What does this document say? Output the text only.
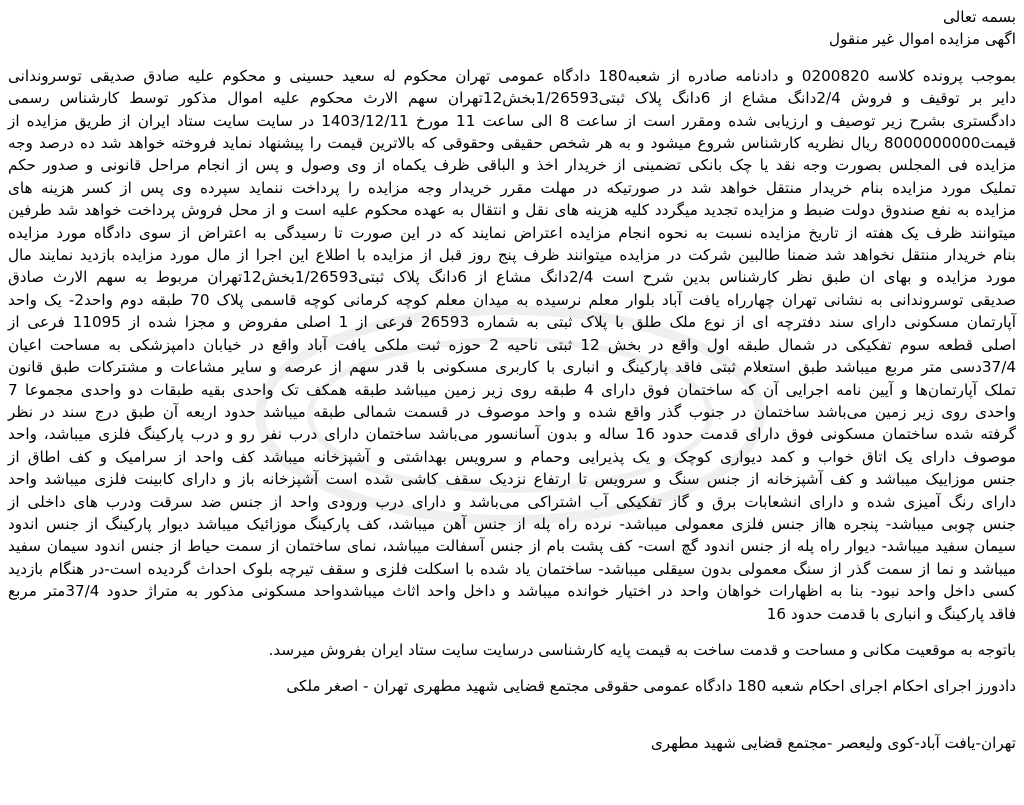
بسمه تعالی
اگهی مزایده اموال غیر منقول
بموجب پرونده کلاسه 0200820 و دادنامه صادره از شعبه180 دادگاه عمومی تهران محکوم له سعید حسینی و محکوم علیه صادق صدیقی توسروندانی
دایر بر توقیف و فروش 2/4دانگ مشاع از 6دانگ پلاک ثبتی1/26593بخش12تهران سهم الارث محکوم علیه اموال مذکور توسط کارشناس رسمی
دادگستری بشرح زیر توصیف و ارزیابی شده ومقرر است از ساعت 8 الی ساعت 11 مورخ 1403/12/11 در سایت سایت ستاد ایران از طریق مزایده از
قیمت8000000000 ریال نظریه کارشناس شروع میشود و به هر شخص حقیقی وحقوقی که بالاترین قیمت را پیشنهاد نماید فروخته خواهد شد ده درصد وجه
مزایده فی المجلس بصورت وجه نقد یا چک بانکی تضمینی از خریدار اخذ و الباقی ظرف یکماه از وی وصول و پس از انجام مراحل قانونی و صدور حکم
تملیک مورد مزایده بنام خریدار منتقل خواهد شد در صورتیکه در مهلت مقرر خریدار وجه مزایده را پرداخت ننماید سپرده وی پس از کسر هزینه های
مزایده به نفع صندوق دولت ضبط و مزایده تجدید میگردد کلیه هزینه های نقل و انتقال به عهده محکوم علیه است و از محل فروش پرداخت خواهد شد طرفین
میتوانند ظرف یک هفته از تاریخ مزایده نسبت به نحوه انجام مزایده اعتراض نمایند که در این صورت تا رسیدگی به اعتراض از سوی دادگاه مورد مزایده
بنام خریدار منتقل نخواهد شد ضمنا طالبین شرکت در مزایده میتوانند ظرف پنج روز قبل از مزایده با اطلاع این اجرا از مال مورد مزایده بازدید نمایند مال
مورد مزایده و بهای ان طبق نظر کارشناس بدین شرح است 2/4دانگ مشاع از 6دانگ پلاک ثبتی1/26593بخش12تهران مربوط به سهم الارث صادق
صدیقی توسروندانی به نشانی تهران چهارراه یافت آباد بلوار معلم نرسیده به میدان معلم کوچه کرمانی کوچه قاسمی پلاک 70 طبقه دوم واحد2- یک واحد
آپارتمان مسکونی دارای سند دفترچه ای از نوع ملک طلق با پلاک ثبتی به شماره 26593 فرعی از 1 اصلی مفروض و مجزا شده از 11095 فرعی از
اصلی قطعه سوم تفکیکی در شمال طبقه اول واقع در بخش 12 ثبتی ناحیه 2 حوزه ثبت ملکی یافت آباد واقع در خیابان دامپزشکی به مساحت اعیان
37/4دسی متر مربع میباشد طبق استعلام ثبتی فاقد پارکینگ و انباری با کاربری مسکونی با قدر سهم از عرصه و سایر مشاعات و مشترکات طبق قانون
تملک آپارتمان‌ها و آیین نامه اجرایی آن که ساختمان فوق دارای 4 طبقه روی زیر زمین میباشد طبقه همکف تک واحدی بقیه طبقات دو واحدی مجموعا 7
واحدی روی زیر زمین می‌باشد ساختمان در جنوب گذر واقع شده و واحد موصوف در قسمت شمالی طبقه میباشد حدود اربعه آن طبق درج سند در نظر
گرفته شده ساختمان مسکونی فوق دارای قدمت حدود 16 ساله و بدون آسانسور می‌باشد ساختمان دارای درب نفر رو و درب پارکینگ فلزی میباشد، واحد
موصوف دارای یک اتاق خواب و کمد دیواری کوچک و یک پذیرایی وحمام و سرویس بهداشتی و آشپزخانه میباشد کف واحد از سرامیک و کف اطاق از
جنس موزاییک میباشد و کف آشپزخانه از جنس سنگ و سرویس تا ارتفاع نزدیک سقف کاشی شده است آشپزخانه باز و دارای کابینت فلزی میباشد واحد
دارای رنگ آمیزی شده و دارای انشعابات برق و گاز تفکیکی آب اشتراکی می‌باشد و دارای درب ورودی واحد از جنس ضد سرقت ودرب های داخلی از
جنس چوبی میباشد- پنجره هااز جنس فلزی معمولی میباشد- نرده راه پله از جنس آهن میباشد، کف پارکینگ موزائیک میباشد دیوار پارکینگ از جنس اندود
سیمان سفید میباشد- دیوار راه پله از جنس اندود گچ است- کف پشت بام از جنس آسفالت میباشد، نمای ساختمان از سمت حیاط از جنس اندود سیمان سفید
میباشد و نما از سمت گذر از سنگ معمولی بدون سیقلی میباشد- ساختمان یاد شده با اسکلت فلزی و سقف تیرچه بلوک احداث گردیده است-در هنگام بازدید
کسی داخل واحد نبود- بنا به اظهارات خواهان واحد در اختیار خوانده میباشد و داخل واحد اثاث میباشدواحد مسکونی مذکور به متراژ حدود 37/4متر مربع
فاقد پارکینگ و انباری با قدمت حدود 16
باتوجه به موقعیت مکانی و مساحت و قدمت ساخت به قیمت پایه کارشناسی درسایت سایت ستاد ایران بفروش میرسد.
دادورز اجرای احکام اجرای احکام شعبه 180 دادگاه عمومی حقوقی مجتمع قضایی شهید مطهری تهران - اصغر ملکی
تهران-یافت آباد-کوی ولیعصر -مجتمع قضایی شهید مطهری
